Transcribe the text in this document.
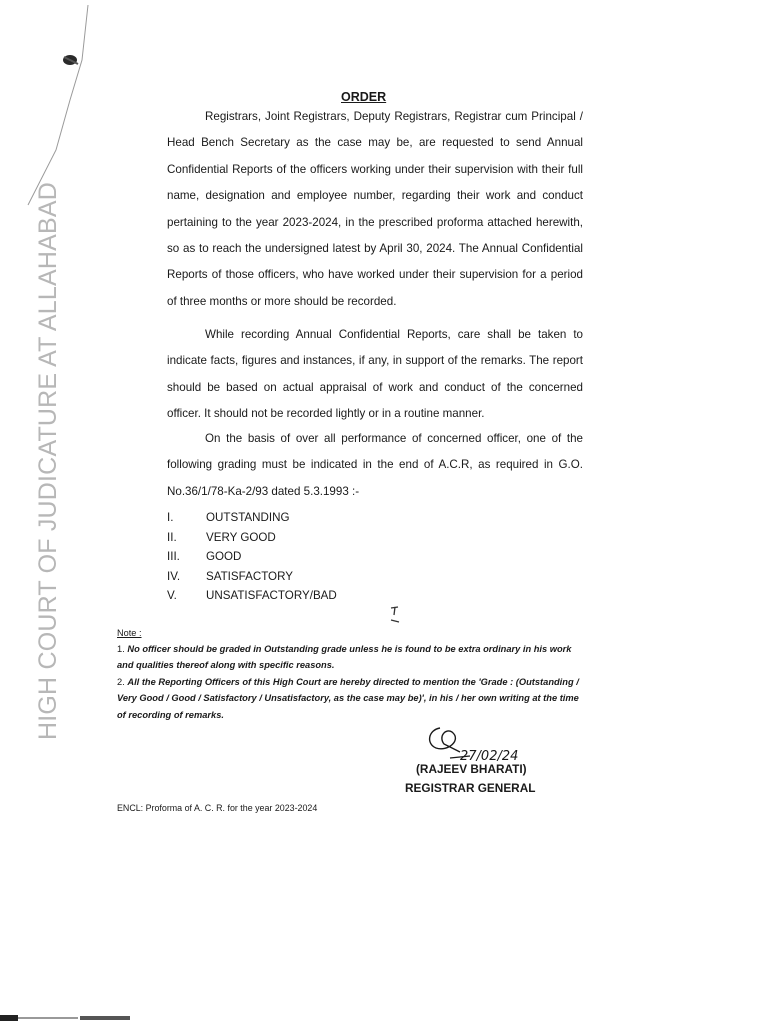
HIGH COURT OF JUDICATURE AT ALLAHABAD
ORDER

Registrars, Joint Registrars, Deputy Registrars, Registrar cum Principal / Head Bench Secretary as the case may be, are requested to send Annual Confidential Reports of the officers working under their supervision with their full name, designation and employee number, regarding their work and conduct pertaining to the year 2023-2024, in the prescribed proforma attached herewith, so as to reach the undersigned latest by April 30, 2024. The Annual Confidential Reports of those officers, who have worked under their supervision for a period of three months or more should be recorded.

While recording Annual Confidential Reports, care shall be taken to indicate facts, figures and instances, if any, in support of the remarks. The report should be based on actual appraisal of work and conduct of the concerned officer. It should not be recorded lightly or in a routine manner.

On the basis of over all performance of concerned officer, one of the following grading must be indicated in the end of A.C.R, as required in G.O. No.36/1/78-Ka-2/93 dated 5.3.1993 :-

I.	OUTSTANDING
II.	VERY GOOD
III. GOOD
IV. SATISFACTORY
V.	UNSATISFACTORY/BAD
Note :
1. No officer should be graded in Outstanding grade unless he is found to be extra ordinary in his work and qualities thereof along with specific reasons.
2. All the Reporting Officers of this High Court are hereby directed to mention the 'Grade : (Outstanding / Very Good / Good / Satisfactory / Unsatisfactory, as the case may be)', in his / her own writing at the time of recording of remarks.
27/02/24
(RAJEEV BHARATI)
REGISTRAR GENERAL
ENCL: Proforma of A. C. R. for the year 2023-2024
